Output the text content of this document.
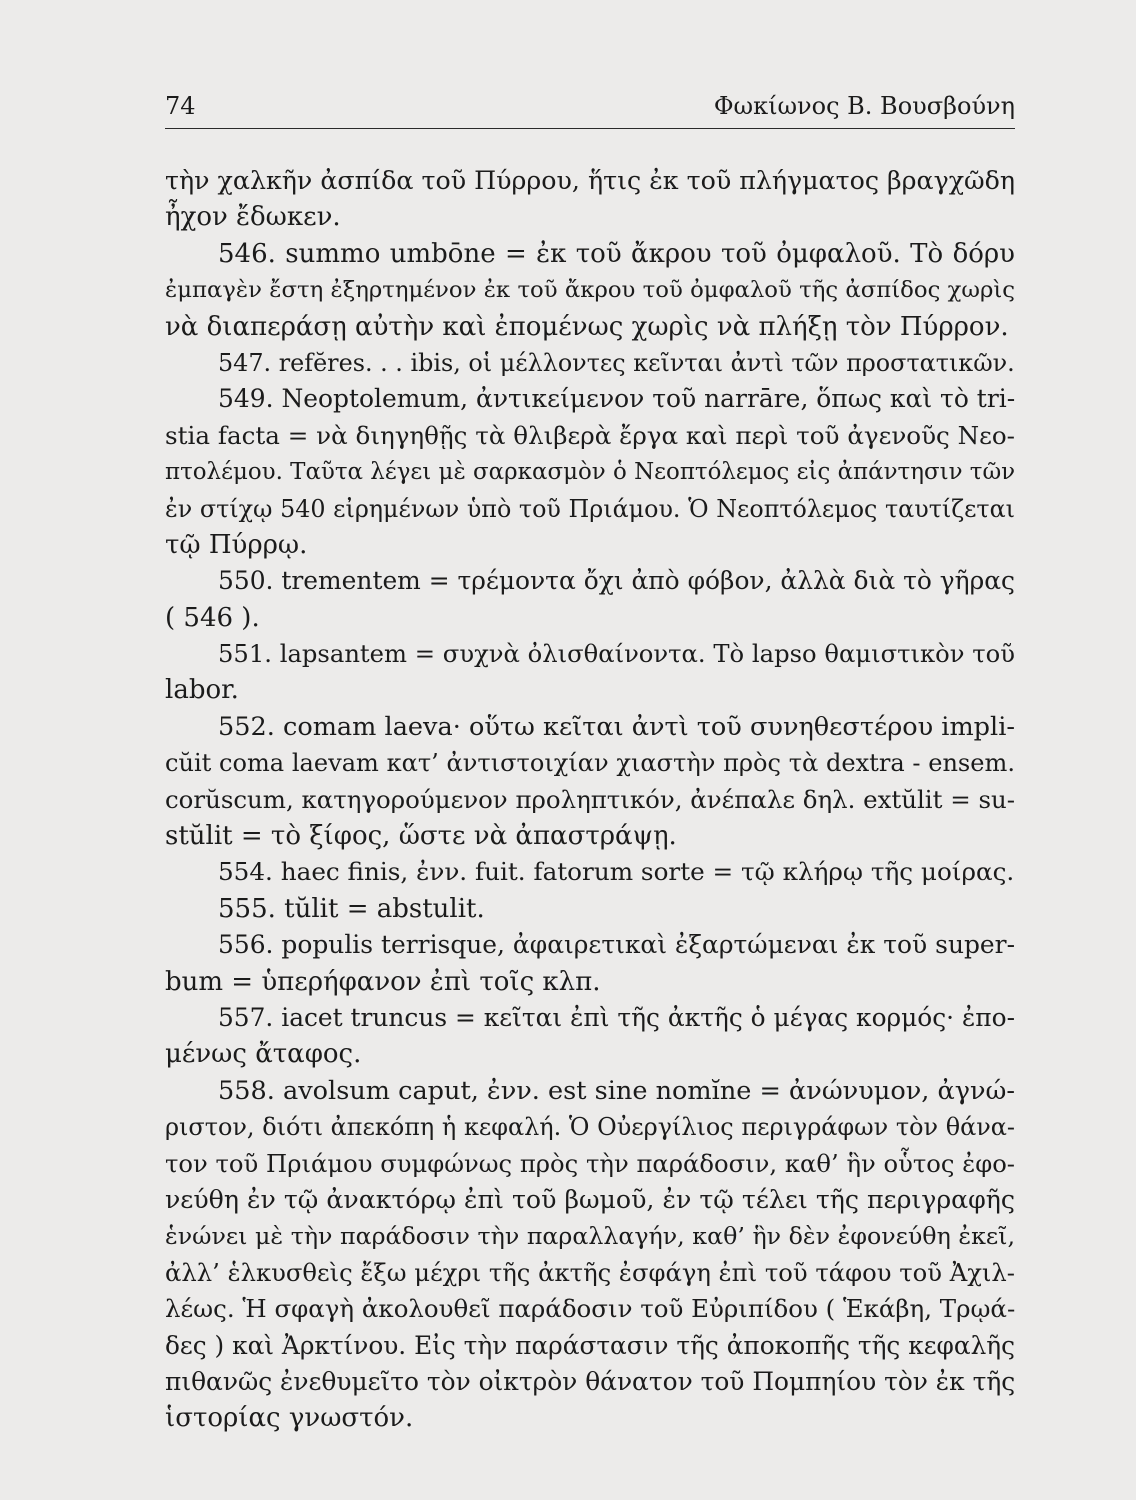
74	Φωκίωνος Β. Βουσβούνη

τὴν χαλκῆν ἀσπίδα τοῦ Πύρρου, ἥτις ἐκ τοῦ πλήγματος βραγχῶδη
ἦχον ἔδωκεν.

546. summo umbōne = ἐκ τοῦ ἄκρου τοῦ ὀμφαλοῦ. Τὸ δόρυ
ἐμπαγὲν ἔστη ἐξηρτημένον ἐκ τοῦ ἄκρου τοῦ ὀμφαλοῦ τῆς ἀσπίδος χωρὶς
νὰ διαπεράσῃ αὐτὴν καὶ ἐπομένως χωρὶς νὰ πλήξῃ τὸν Πύρρον.

547. refĕres. . . ibis, οἱ μέλλοντες κεῖνται ἀντὶ τῶν προστατικῶν.

549. Neoptolemum, ἀντικείμενον τοῦ narrāre, ὅπως καὶ τὸ tri-
stia facta = νὰ διηγηθῇς τὰ θλιβερὰ ἔργα καὶ περὶ τοῦ ἀγενοῦς Νεο-
πτολέμου. Ταῦτα λέγει μὲ σαρκασμὸν ὁ Νεοπτόλεμος εἰς ἀπάντησιν τῶν
ἐν στίχῳ 540 εἰρημένων ὑπὸ τοῦ Πριάμου. Ὁ Νεοπτόλεμος ταυτίζεται
τῷ Πύρρῳ.

550. trementem = τρέμοντα ὄχι ἀπὸ φόβον, ἀλλὰ διὰ τὸ γῆρας
( 546 ).

551. lapsantem = συχνὰ ὀλισθαίνοντα. Τὸ lapso θαμιστικὸν τοῦ
labor.

552. comam laeva· οὕτω κεῖται ἀντὶ τοῦ συνηθεστέρου impli-
cŭit coma laevam κατ’ ἀντιστοιχίαν χιαστὴν πρὸς τὰ dextra - ensem.
corŭscum, κατηγορούμενον προληπτικόν, ἀνέπαλε δηλ. extŭlit = su-
stŭlit = τὸ ξίφος, ὥστε νὰ ἀπαστράψῃ.

554. haec finis, ἐνν. fuit. fatorum sorte = τῷ κλήρῳ τῆς μοίρας.

555. tŭlit = abstulit.

556. populis terrisque, ἀφαιρετικαὶ ἐξαρτώμεναι ἐκ τοῦ super-
bum = ὑπερήφανον ἐπὶ τοῖς κλπ.

557. iacet truncus = κεῖται ἐπὶ τῆς ἀκτῆς ὁ μέγας κορμός· ἐπο-
μένως ἄταφος.

558. avolsum caput, ἐνν. est sine nomĭne = ἀνώνυμον, ἀγνώ-
ριστον, διότι ἀπεκόπη ἡ κεφαλή. Ὁ Οὐεργίλιος περιγράφων τὸν θάνα-
τον τοῦ Πριάμου συμφώνως πρὸς τὴν παράδοσιν, καθ’ ἣν οὗτος ἐφο-
νεύθη ἐν τῷ ἀνακτόρῳ ἐπὶ τοῦ βωμοῦ, ἐν τῷ τέλει τῆς περιγραφῆς
ἑνώνει μὲ τὴν παράδοσιν τὴν παραλλαγήν, καθ’ ἣν δὲν ἐφονεύθη ἐκεῖ,
ἀλλ’ ἑλκυσθεὶς ἔξω μέχρι τῆς ἀκτῆς ἐσφάγη ἐπὶ τοῦ τάφου τοῦ Ἀχιλ-
λέως. Ἡ σφαγὴ ἀκολουθεῖ παράδοσιν τοῦ Εὐριπίδου ( Ἑκάβη, Τρῳά-
δες ) καὶ Ἀρκτίνου. Εἰς τὴν παράστασιν τῆς ἀποκοπῆς τῆς κεφαλῆς
πιθανῶς ἐνεθυμεῖτο τὸν οἰκτρὸν θάνατον τοῦ Πομπηίου τὸν ἐκ τῆς
ἱστορίας γνωστόν.
